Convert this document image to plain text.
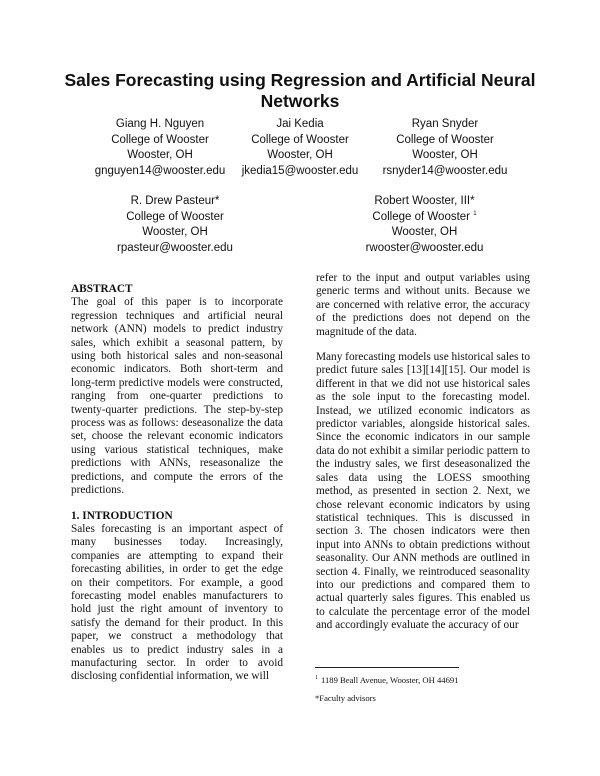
Sales Forecasting using Regression and Artificial Neural Networks
Giang H. Nguyen
College of Wooster
Wooster, OH
gnguyen14@wooster.edu
Jai Kedia
College of Wooster
Wooster, OH
jkedia15@wooster.edu
Ryan Snyder
College of Wooster
Wooster, OH
rsnyder14@wooster.edu
R. Drew Pasteur*
College of Wooster
Wooster, OH
rpasteur@wooster.edu
Robert Wooster, III*
College of Wooster $^1$
Wooster, OH
rwooster@wooster.edu
ABSTRACT

The goal of this paper is to incorporate regression techniques and artificial neural network (ANN) models to predict industry sales, which exhibit a seasonal pattern, by using both historical sales and non-seasonal economic indicators. Both short-term and long-term predictive models were constructed, ranging from one-quarter predictions to twenty-quarter predictions. The step-by-step process was as follows: deseasonalize the data set, choose the relevant economic indicators using various statistical techniques, make predictions with ANNs, reseasonalize the predictions, and compute the errors of the predictions.

1. INTRODUCTION

Sales forecasting is an important aspect of many businesses today. Increasingly, companies are attempting to expand their forecasting abilities, in order to get the edge on their competitors. For example, a good forecasting model enables manufacturers to hold just the right amount of inventory to satisfy the demand for their product. In this paper, we construct a methodology that enables us to predict industry sales in a manufacturing sector. In order to avoid disclosing confidential information, we will

refer to the input and output variables using generic terms and without units. Because we are concerned with relative error, the accuracy of the predictions does not depend on the magnitude of the data.

Many forecasting models use historical sales to predict future sales [13][14][15]. Our model is different in that we did not use historical sales as the sole input to the forecasting model. Instead, we utilized economic indicators as predictor variables, alongside historical sales. Since the economic indicators in our sample data do not exhibit a similar periodic pattern to the industry sales, we first deseasonalized the sales data using the LOESS smoothing method, as presented in section 2. Next, we chose relevant economic indicators by using statistical techniques. This is discussed in section 3. The chosen indicators were then input into ANNs to obtain predictions without seasonality. Our ANN methods are outlined in section 4. Finally, we reintroduced seasonality into our predictions and compared them to actual quarterly sales figures. This enabled us to calculate the percentage error of the model and accordingly evaluate the accuracy of our

$^1$ 1189 Beall Avenue, Wooster, OH 44691
*Faculty advisors
